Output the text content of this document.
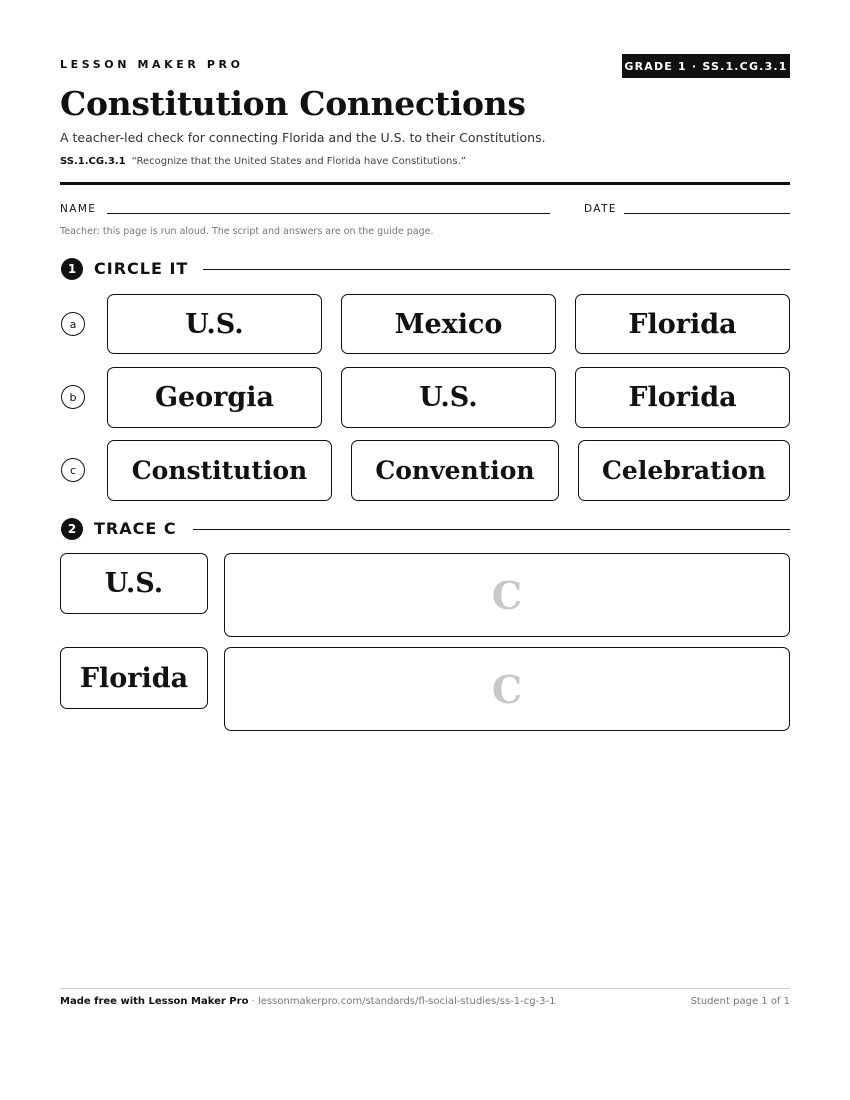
LESSON MAKER PRO	GRADE 1 · SS.1.CG.3.1
Constitution Connections
A teacher-led check for connecting Florida and the U.S. to their Constitutions.
SS.1.CG.3.1 “Recognize that the United States and Florida have Constitutions.”
NAME	DATE
Teacher: this page is run aloud. The script and answers are on the guide page.
1	CIRCLE IT
a	U.S.	Mexico	Florida
b	Georgia	U.S.	Florida
c	Constitution	Convention	Celebration
2	TRACE C
U.S.	C
Florida	C
Made free with Lesson Maker Pro · lessonmakerpro.com/standards/fl-social-studies/ss-1-cg-3-1	Student page 1 of 1
